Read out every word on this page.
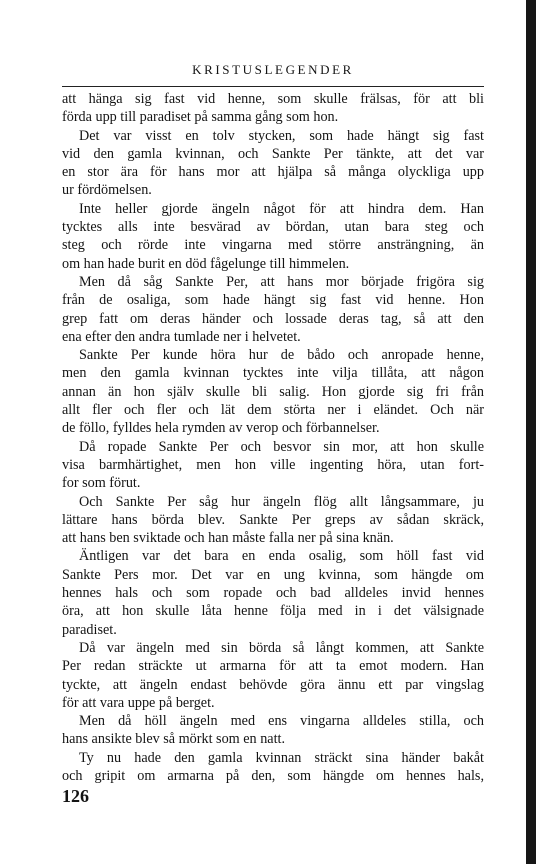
KRISTUSLEGENDER
att hänga sig fast vid henne, som skulle frälsas, för att bli
förda upp till paradiset på samma gång som hon.
Det var visst en tolv stycken, som hade hängt sig fast
vid den gamla kvinnan, och Sankte Per tänkte, att det var
en stor ära för hans mor att hjälpa så många olyckliga upp
ur fördömelsen.
Inte heller gjorde ängeln något för att hindra dem. Han
tycktes alls inte besvärad av bördan, utan bara steg och
steg och rörde inte vingarna med större ansträngning, än
om han hade burit en död fågelunge till himmelen.
Men då såg Sankte Per, att hans mor började frigöra sig
från de osaliga, som hade hängt sig fast vid henne. Hon
grep fatt om deras händer och lossade deras tag, så att den
ena efter den andra tumlade ner i helvetet.
Sankte Per kunde höra hur de bådo och anropade henne,
men den gamla kvinnan tycktes inte vilja tillåta, att någon
annan än hon själv skulle bli salig. Hon gjorde sig fri från
allt fler och fler och lät dem störta ner i eländet. Och när
de föllo, fylldes hela rymden av verop och förbannelser.
Då ropade Sankte Per och besvor sin mor, att hon skulle
visa barmhärtighet, men hon ville ingenting höra, utan fort-
for som förut.
Och Sankte Per såg hur ängeln flög allt långsammare, ju
lättare hans börda blev. Sankte Per greps av sådan skräck,
att hans ben sviktade och han måste falla ner på sina knän.
Äntligen var det bara en enda osalig, som höll fast vid
Sankte Pers mor. Det var en ung kvinna, som hängde om
hennes hals och som ropade och bad alldeles invid hennes
öra, att hon skulle låta henne följa med in i det välsignade
paradiset.
Då var ängeln med sin börda så långt kommen, att Sankte
Per redan sträckte ut armarna för att ta emot modern. Han
tyckte, att ängeln endast behövde göra ännu ett par vingslag
för att vara uppe på berget.
Men då höll ängeln med ens vingarna alldeles stilla, och
hans ansikte blev så mörkt som en natt.
Ty nu hade den gamla kvinnan sträckt sina händer bakåt
och gripit om armarna på den, som hängde om hennes hals,
126
